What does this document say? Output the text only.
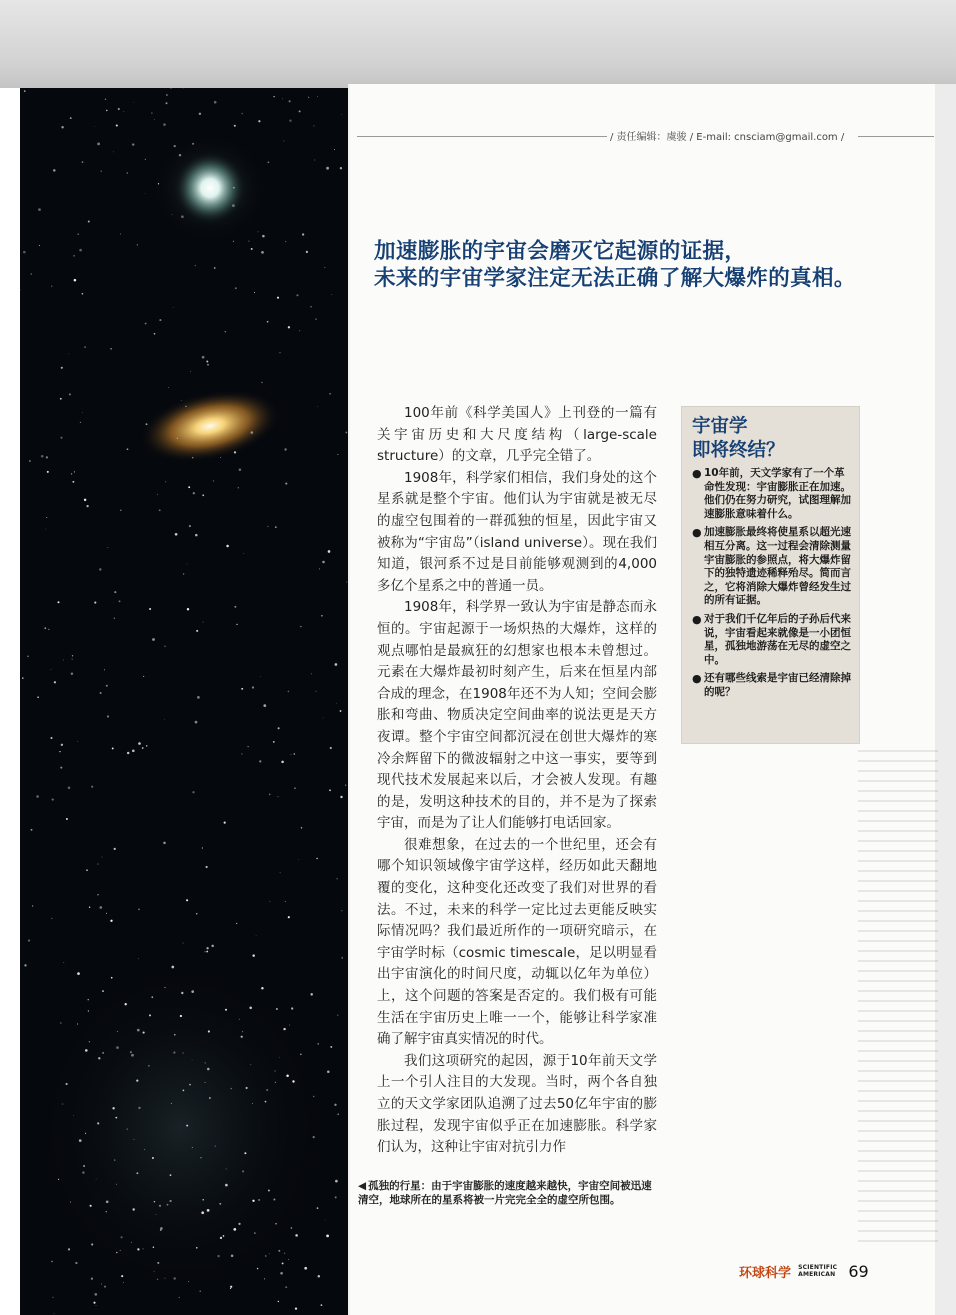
/ 责任编辑：虞骏 / E-mail: cnsciam@gmail.com /
加速膨胀的宇宙会磨灭它起源的证据，
未来的宇宙学家注定无法正确了解大爆炸的真相。

100年前《科学美国人》上刊登的一篇有关宇宙历史和大尺度结构（large-scale structure）的文章，几乎完全错了。

1908年，科学家们相信，我们身处的这个星系就是整个宇宙。他们认为宇宙就是被无尽的虚空包围着的一群孤独的恒星，因此宇宙又被称为“宇宙岛”（island universe）。现在我们知道，银河系不过是目前能够观测到的4,000多亿个星系之中的普通一员。

1908年，科学界一致认为宇宙是静态而永恒的。宇宙起源于一场炽热的大爆炸，这样的观点哪怕是最疯狂的幻想家也根本未曾想过。元素在大爆炸最初时刻产生，后来在恒星内部合成的理念，在1908年还不为人知；空间会膨胀和弯曲、物质决定空间曲率的说法更是天方夜谭。整个宇宙空间都沉浸在创世大爆炸的寒冷余辉留下的微波辐射之中这一事实，要等到现代技术发展起来以后，才会被人发现。有趣的是，发明这种技术的目的，并不是为了探索宇宙，而是为了让人们能够打电话回家。

很难想象，在过去的一个世纪里，还会有哪个知识领域像宇宙学这样，经历如此天翻地覆的变化，这种变化还改变了我们对世界的看法。不过，未来的科学一定比过去更能反映实际情况吗？我们最近所作的一项研究暗示，在宇宙学时标（cosmic timescale，足以明显看出宇宙演化的时间尺度，动辄以亿年为单位）上，这个问题的答案是否定的。我们极有可能生活在宇宙历史上唯一一个，能够让科学家准确了解宇宙真实情况的时代。

我们这项研究的起因，源于10年前天文学上一个引人注目的大发现。当时，两个各自独立的天文学家团队追溯了过去50亿年宇宙的膨胀过程，发现宇宙似乎正在加速膨胀。科学家们认为，这种让宇宙对抗引力作

宇宙学
即将终结？
● 10年前，天文学家有了一个革命性发现：宇宙膨胀正在加速。他们仍在努力研究，试图理解加速膨胀意味着什么。
● 加速膨胀最终将使星系以超光速相互分离。这一过程会清除测量宇宙膨胀的参照点，将大爆炸留下的独特遗迹稀释殆尽。简而言之，它将消除大爆炸曾经发生过的所有证据。
● 对于我们千亿年后的子孙后代来说，宇宙看起来就像是一小团恒星，孤独地游荡在无尽的虚空之中。
● 还有哪些线索是宇宙已经清除掉的呢？
◀ 孤独的行星：由于宇宙膨胀的速度越来越快，宇宙空间被迅速清空，地球所在的星系将被一片完完全全的虚空所包围。
环球科学 SCIENTIFIC
AMERICAN 69
